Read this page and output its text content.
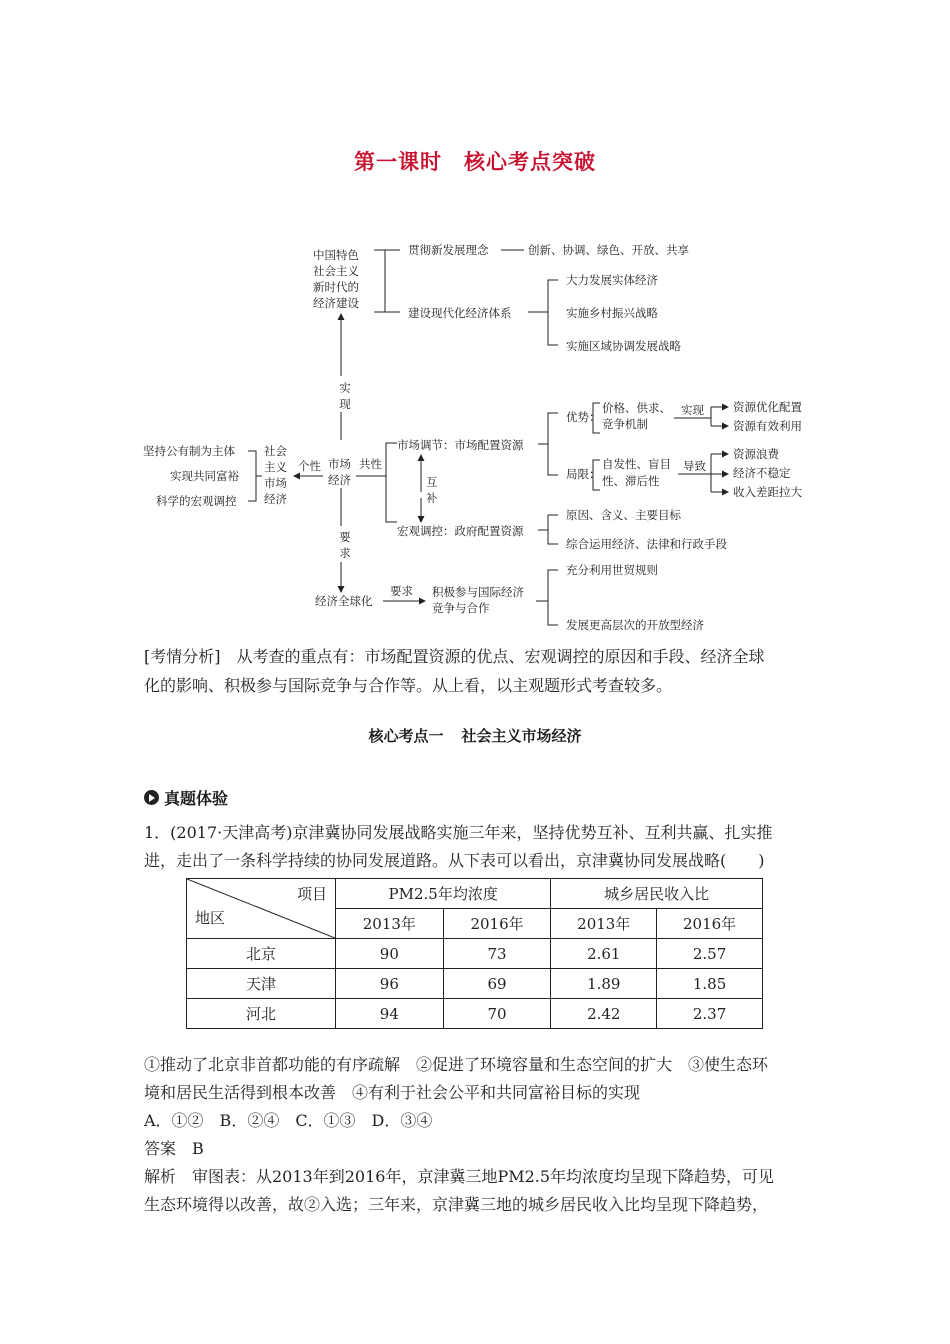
第一课时 核心考点突破
中国特色
社会主义
新时代的
经济建设
贯彻新发展理念	创新、协调、绿色、开放、共享
建设现代化经济体系
大力发展实体经济
实施乡村振兴战略
实施区域协调发展战略
实
现
坚持公有制为主体
实现共同富裕
科学的宏观调控
社会
主义
市场
经济
个性 市场
经济
共性
市场调节：市场配置资源
宏观调控：政府配置资源
互
补
优势：
价格、供求、
竞争机制
实现	资源优化配置
资源有效利用
局限：
自发性、盲目
性、滞后性
导致
资源浪费
经济不稳定
收入差距拉大
原因、含义、主要目标
综合运用经济、法律和行政手段
要
求
经济全球化
要求 积极参与国际经济
竞争与合作
充分利用世贸规则
发展更高层次的开放型经济
[考情分析]　 从考查的重点有：市场配置资源的优点、宏观调控的原因和手段、经济全球
化的影响、积极参与国际竞争与合作等。从上看，以主观题形式考查较多。
核心考点一 社会主义市场经济
真题体验
1．(2017·天津高考)京津冀协同发展战略实施三年来，坚持优势互补、互利共赢、扎实推
进，走出了一条科学持续的协同发展道路。从下表可以看出，京津冀协同发展战略(　　)
项目
地区	PM2.5年均浓度		城乡居民收入比	
	2013年	2016年	2013年	2016年
北京	90	73	2.61	2.57
天津	96	69	1.89	1.85
河北	94	70	2.42	2.37
①推动了北京非首都功能的有序疏解　②促进了环境容量和生态空间的扩大　③使生态环
境和居民生活得到根本改善　④有利于社会公平和共同富裕目标的实现
A．①②　B．②④　C．①③　D．③④
答案　B
解析　审图表：从2013年到2016年，京津冀三地PM2.5年均浓度均呈现下降趋势，可见
生态环境得以改善，故②入选；三年来，京津冀三地的城乡居民收入比均呈现下降趋势，
